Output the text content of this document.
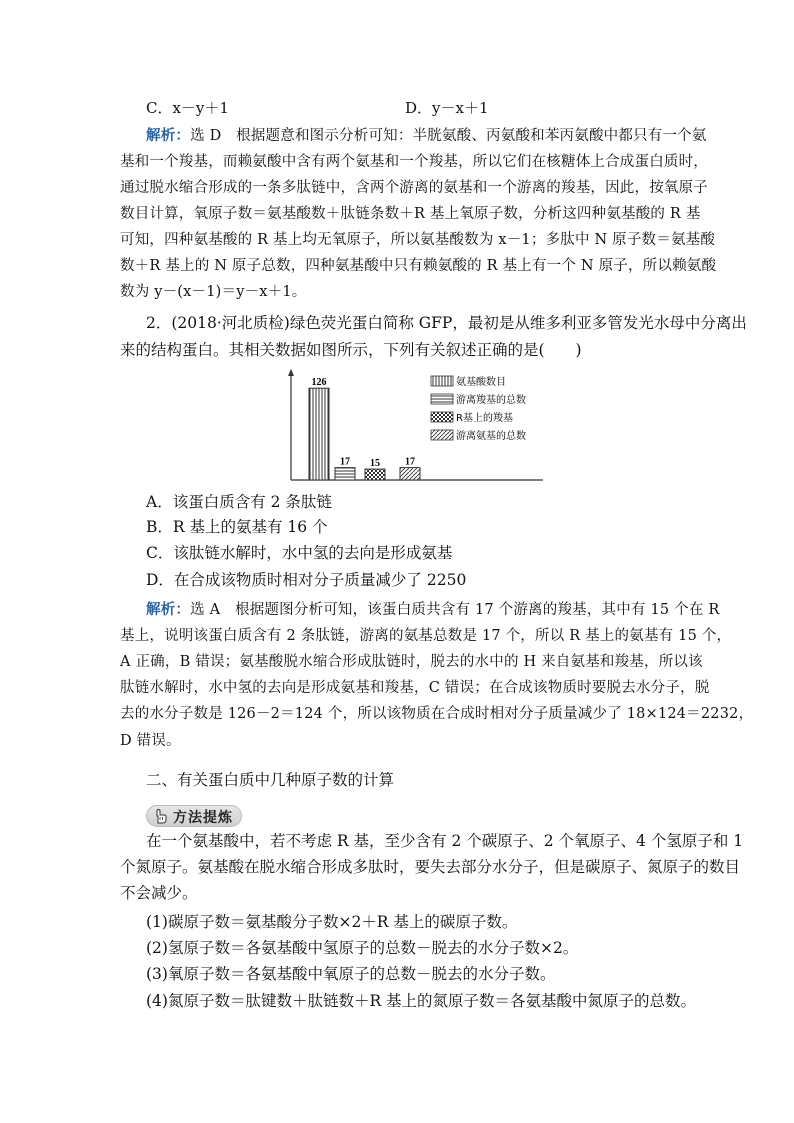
C．x－y＋1	D．y－x＋1
解析：选 D　根据题意和图示分析可知：半胱氨酸、丙氨酸和苯丙氨酸中都只有一个氨
基和一个羧基，而赖氨酸中含有两个氨基和一个羧基，所以它们在核糖体上合成蛋白质时，
通过脱水缩合形成的一条多肽链中，含两个游离的氨基和一个游离的羧基，因此，按氧原子
数目计算，氧原子数＝氨基酸数＋肽链条数＋R 基上氧原子数，分析这四种氨基酸的 R 基
可知，四种氨基酸的 R 基上均无氧原子，所以氨基酸数为 x－1；多肽中 N 原子数＝氨基酸
数＋R 基上的 N 原子总数，四种氨基酸中只有赖氨酸的 R 基上有一个 N 原子，所以赖氨酸
数为 y－(x－1)＝y－x＋1。
2．(2018·河北质检)绿色荧光蛋白简称 GFP，最初是从维多利亚多管发光水母中分离出
来的结构蛋白。其相关数据如图所示，下列有关叙述正确的是(　　)
126
17 15	17
氨基酸数目
游离羧基的总数
R基上的羧基
游离氨基的总数
A．该蛋白质含有 2 条肽链
B．R 基上的氨基有 16 个
C．该肽链水解时，水中氢的去向是形成氨基
D．在合成该物质时相对分子质量减少了 2250
解析：选 A　根据题图分析可知，该蛋白质共含有 17 个游离的羧基，其中有 15 个在 R
基上，说明该蛋白质含有 2 条肽链，游离的氨基总数是 17 个，所以 R 基上的氨基有 15 个，
A 正确，B 错误；氨基酸脱水缩合形成肽链时，脱去的水中的 H 来自氨基和羧基，所以该
肽链水解时，水中氢的去向是形成氨基和羧基，C 错误；在合成该物质时要脱去水分子，脱
去的水分子数是 126－2＝124 个，所以该物质在合成时相对分子质量减少了 18×124＝2232，
D 错误。
二、有关蛋白质中几种原子数的计算
方法提炼
在一个氨基酸中，若不考虑 R 基，至少含有 2 个碳原子、2 个氧原子、4 个氢原子和 1
个氮原子。氨基酸在脱水缩合形成多肽时，要失去部分水分子，但是碳原子、氮原子的数目
不会减少。
(1)碳原子数＝氨基酸分子数×2＋R 基上的碳原子数。
(2)氢原子数＝各氨基酸中氢原子的总数－脱去的水分子数×2。
(3)氧原子数＝各氨基酸中氧原子的总数－脱去的水分子数。
(4)氮原子数＝肽键数＋肽链数＋R 基上的氮原子数＝各氨基酸中氮原子的总数。
